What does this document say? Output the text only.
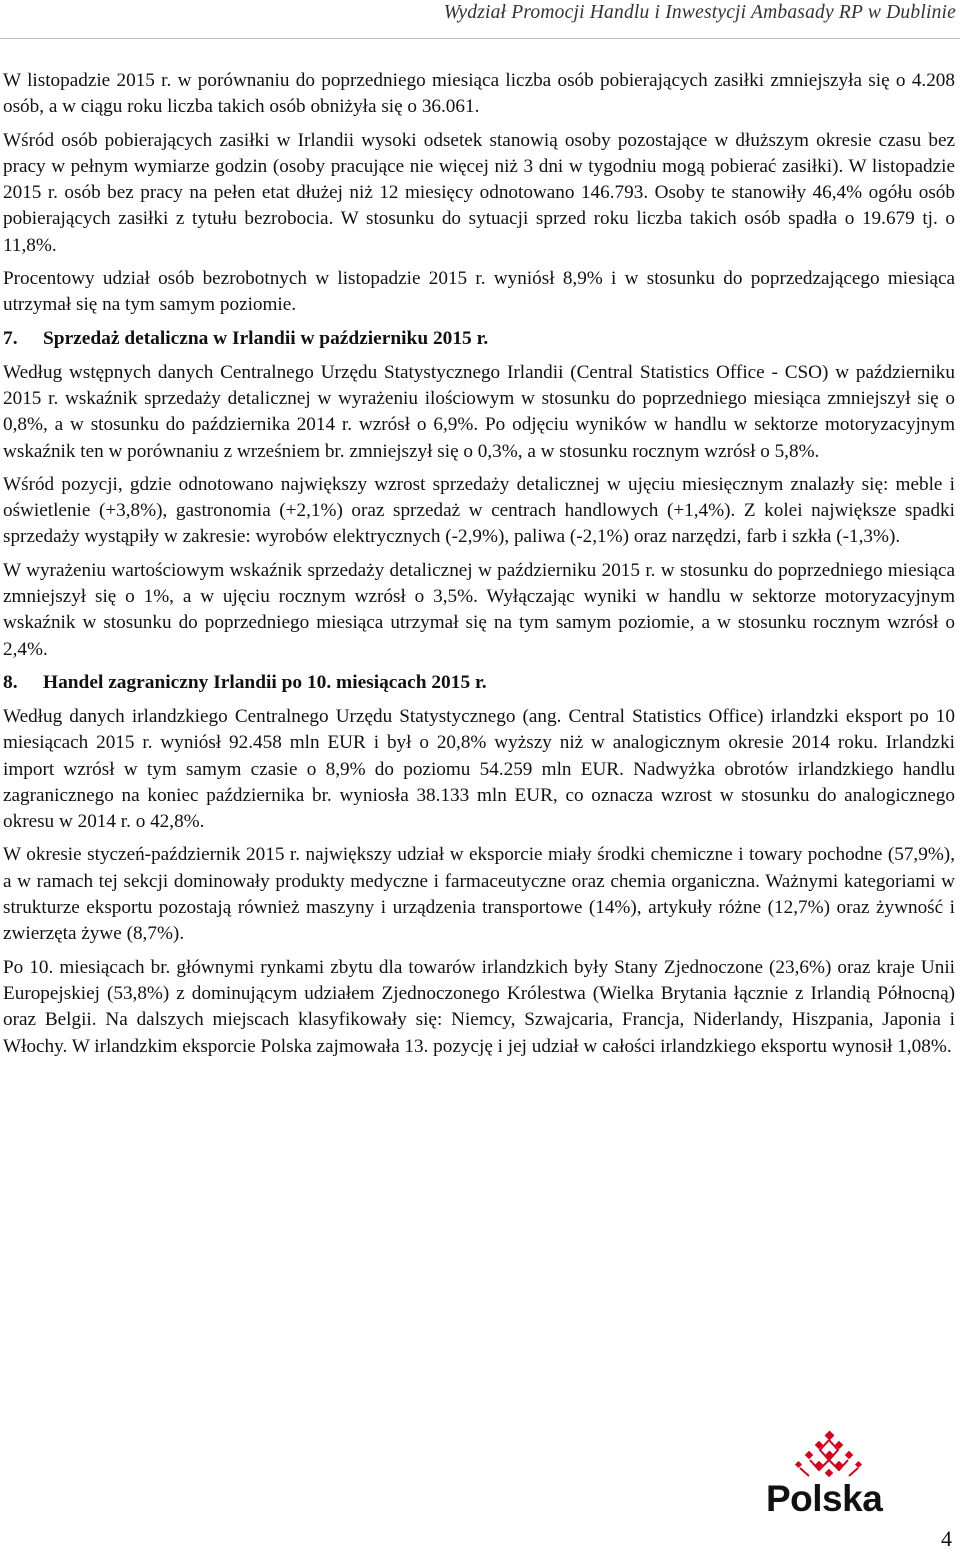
Wydział Promocji Handlu i Inwestycji Ambasady RP w Dublinie

W listopadzie 2015 r. w porównaniu do poprzedniego miesiąca liczba osób pobierających zasiłki zmniejszyła się o 4.208 osób, a w ciągu roku liczba takich osób obniżyła się o 36.061.

Wśród osób pobierających zasiłki w Irlandii wysoki odsetek stanowią osoby pozostające w dłuższym okresie czasu bez pracy w pełnym wymiarze godzin (osoby pracujące nie więcej niż 3 dni w tygodniu mogą pobierać zasiłki). W listopadzie 2015 r. osób bez pracy na pełen etat dłużej niż 12 miesięcy odnotowano 146.793. Osoby te stanowiły 46,4% ogółu osób pobierających zasiłki z tytułu bezrobocia. W stosunku do sytuacji sprzed roku liczba takich osób spadła o 19.679 tj. o 11,8%.

Procentowy udział osób bezrobotnych w listopadzie 2015 r. wyniósł 8,9% i w stosunku do poprzedzającego miesiąca utrzymał się na tym samym poziomie.

7. Sprzedaż detaliczna w Irlandii w październiku 2015 r.

Według wstępnych danych Centralnego Urzędu Statystycznego Irlandii (Central Statistics Office - CSO) w październiku 2015 r. wskaźnik sprzedaży detalicznej w wyrażeniu ilościowym w stosunku do poprzedniego miesiąca zmniejszył się o 0,8%, a w stosunku do października 2014 r. wzrósł o 6,9%. Po odjęciu wyników w handlu w sektorze motoryzacyjnym wskaźnik ten w porównaniu z wrześniem br. zmniejszył się o 0,3%, a w stosunku rocznym wzrósł o 5,8%.

Wśród pozycji, gdzie odnotowano największy wzrost sprzedaży detalicznej w ujęciu miesięcznym znalazły się: meble i oświetlenie (+3,8%), gastronomia (+2,1%) oraz sprzedaż w centrach handlowych (+1,4%). Z kolei największe spadki sprzedaży wystąpiły w zakresie: wyrobów elektrycznych (-2,9%), paliwa (-2,1%) oraz narzędzi, farb i szkła (-1,3%).

W wyrażeniu wartościowym wskaźnik sprzedaży detalicznej w październiku 2015 r. w stosunku do poprzedniego miesiąca zmniejszył się o 1%, a w ujęciu rocznym wzrósł o 3,5%. Wyłączając wyniki w handlu w sektorze motoryzacyjnym wskaźnik w stosunku do poprzedniego miesiąca utrzymał się na tym samym poziomie, a w stosunku rocznym wzrósł o 2,4%.

8. Handel zagraniczny Irlandii po 10. miesiącach 2015 r.

Według danych irlandzkiego Centralnego Urzędu Statystycznego (ang. Central Statistics Office) irlandzki eksport po 10 miesiącach 2015 r. wyniósł 92.458 mln EUR i był o 20,8% wyższy niż w analogicznym okresie 2014 roku. Irlandzki import wzrósł w tym samym czasie o 8,9% do poziomu 54.259 mln EUR. Nadwyżka obrotów irlandzkiego handlu zagranicznego na koniec października br. wyniosła 38.133 mln EUR, co oznacza wzrost w stosunku do analogicznego okresu w 2014 r. o 42,8%.

W okresie styczeń-październik 2015 r. największy udział w eksporcie miały środki chemiczne i towary pochodne (57,9%), a w ramach tej sekcji dominowały produkty medyczne i farmaceutyczne oraz chemia organiczna. Ważnymi kategoriami w strukturze eksportu pozostają również maszyny i urządzenia transportowe (14%), artykuły różne (12,7%) oraz żywność i zwierzęta żywe (8,7%).

Po 10. miesiącach br. głównymi rynkami zbytu dla towarów irlandzkich były Stany Zjednoczone (23,6%) oraz kraje Unii Europejskiej (53,8%) z dominującym udziałem Zjednoczonego Królestwa (Wielka Brytania łącznie z Irlandią Północną) oraz Belgii. Na dalszych miejscach klasyfikowały się: Niemcy, Szwajcaria, Francja, Niderlandy, Hiszpania, Japonia i Włochy. W irlandzkim eksporcie Polska zajmowała 13. pozycję i jej udział w całości irlandzkiego eksportu wynosił 1,08%.

Polska
4
